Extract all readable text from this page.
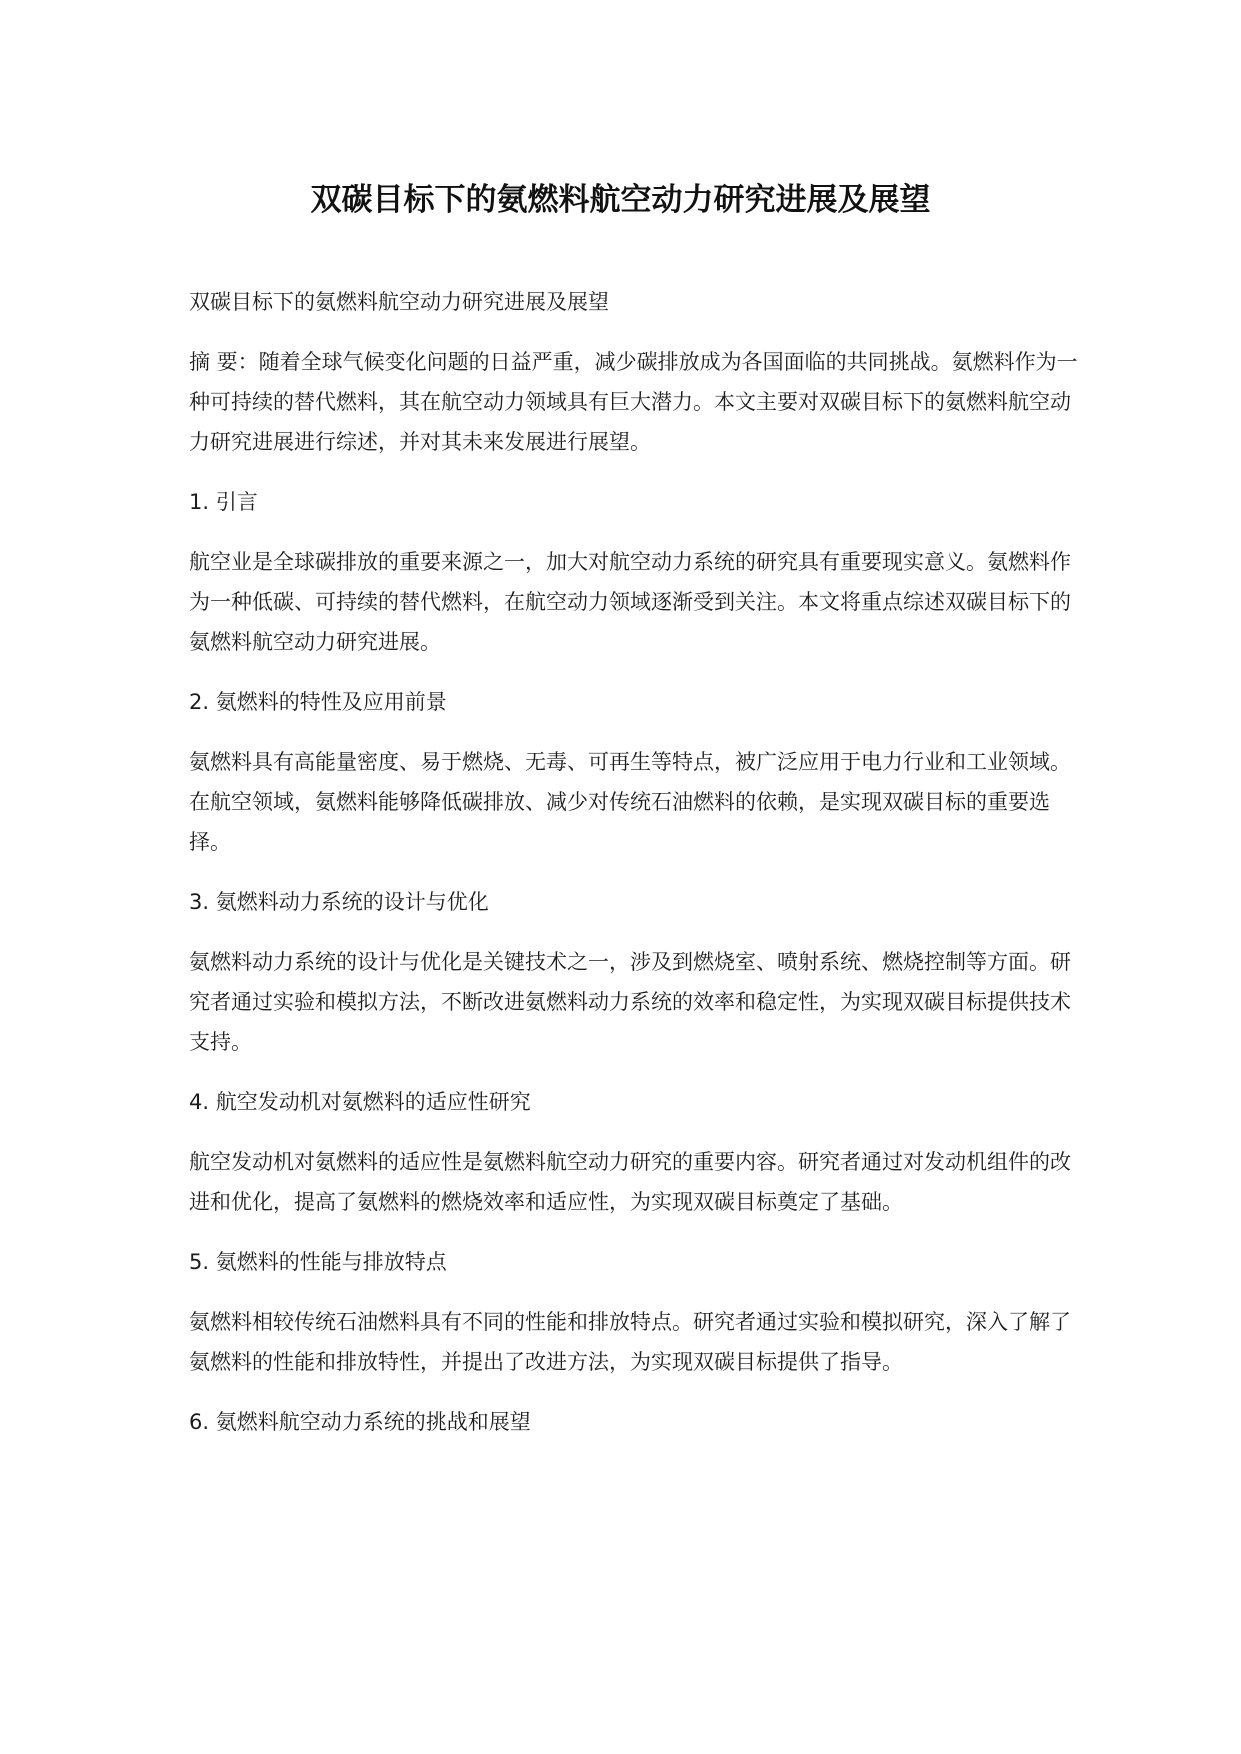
双碳目标下的氨燃料航空动力研究进展及展望

双碳目标下的氨燃料航空动力研究进展及展望

摘 要：随着全球气候变化问题的日益严重，减少碳排放成为各国面临的共同挑战。氨燃料作为一种可持续的替代燃料，其在航空动力领域具有巨大潜力。本文主要对双碳目标下的氨燃料航空动力研究进展进行综述，并对其未来发展进行展望。

1. 引言

航空业是全球碳排放的重要来源之一，加大对航空动力系统的研究具有重要现实意义。氨燃料作为一种低碳、可持续的替代燃料，在航空动力领域逐渐受到关注。本文将重点综述双碳目标下的氨燃料航空动力研究进展。

2. 氨燃料的特性及应用前景

氨燃料具有高能量密度、易于燃烧、无毒、可再生等特点，被广泛应用于电力行业和工业领域。在航空领域，氨燃料能够降低碳排放、减少对传统石油燃料的依赖，是实现双碳目标的重要选择。

3. 氨燃料动力系统的设计与优化

氨燃料动力系统的设计与优化是关键技术之一，涉及到燃烧室、喷射系统、燃烧控制等方面。研究者通过实验和模拟方法，不断改进氨燃料动力系统的效率和稳定性，为实现双碳目标提供技术支持。

4. 航空发动机对氨燃料的适应性研究

航空发动机对氨燃料的适应性是氨燃料航空动力研究的重要内容。研究者通过对发动机组件的改进和优化，提高了氨燃料的燃烧效率和适应性，为实现双碳目标奠定了基础。

5. 氨燃料的性能与排放特点

氨燃料相较传统石油燃料具有不同的性能和排放特点。研究者通过实验和模拟研究，深入了解了氨燃料的性能和排放特性，并提出了改进方法，为实现双碳目标提供了指导。

6. 氨燃料航空动力系统的挑战和展望
